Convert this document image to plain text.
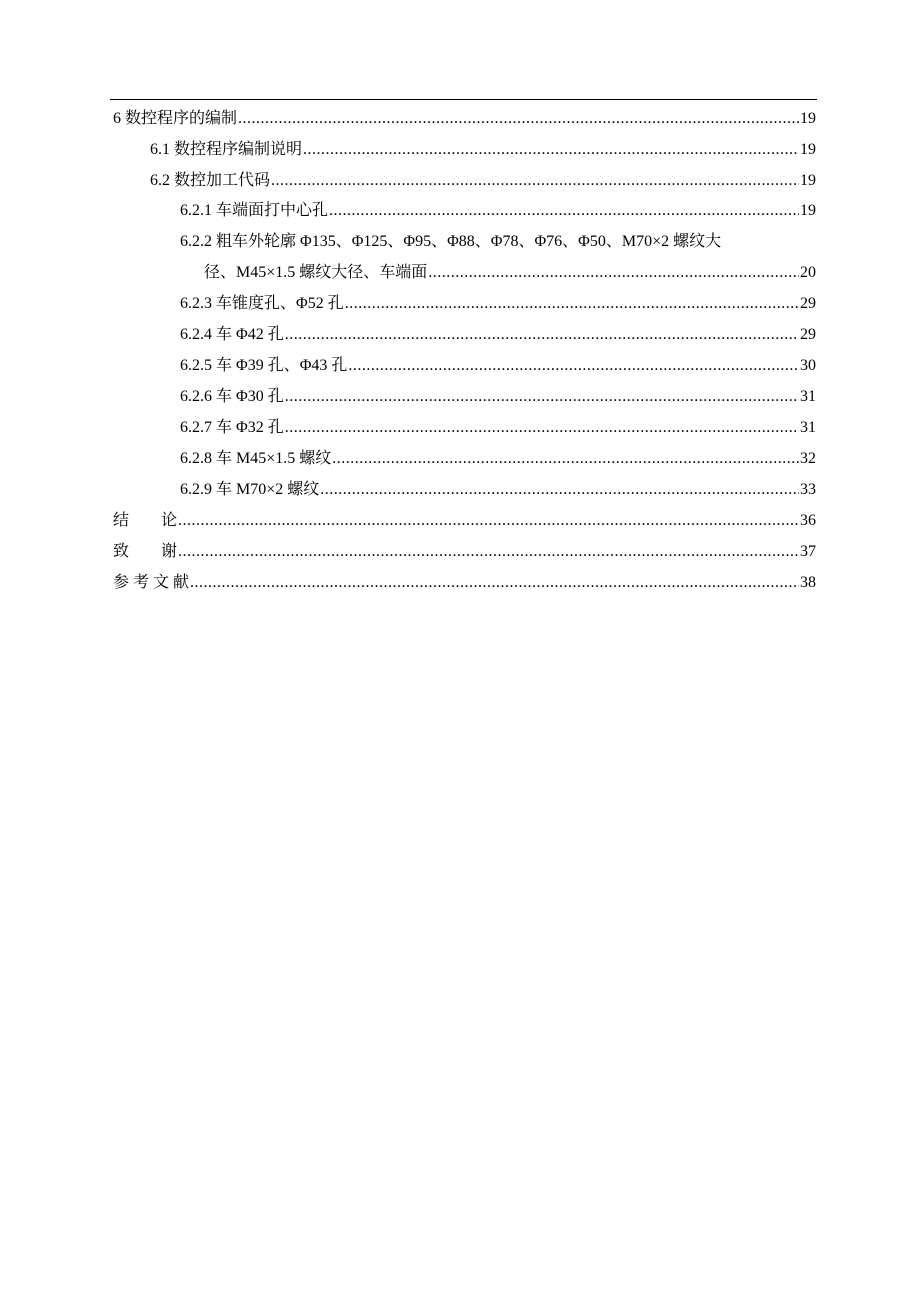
6 数控程序的编制 .....	19
6.1 数控程序编制说明 .....	19
6.2 数控加工代码 .....	19
6.2.1 车端面打中心孔 .....	19
6.2.2 粗车外轮廓 Φ135、Φ125、Φ95、Φ88、Φ78、Φ76、Φ50、M70×2 螺纹大
径、M45×1.5 螺纹大径、车端面 .....	20
6.2.3 车锥度孔、Φ52 孔 .....	29
6.2.4 车 Φ42 孔 .....	29
6.2.5 车 Φ39 孔、Φ43 孔 .....	30
6.2.6 车 Φ30 孔 .....	31
6.2.7 车 Φ32 孔 .....	31
6.2.8 车 M45×1.5 螺纹 .....	32
6.2.9 车 M70×2 螺纹 .....	33
结　　论 .....	36
致　　谢 .....	37
参 考 文 献 .....	38
